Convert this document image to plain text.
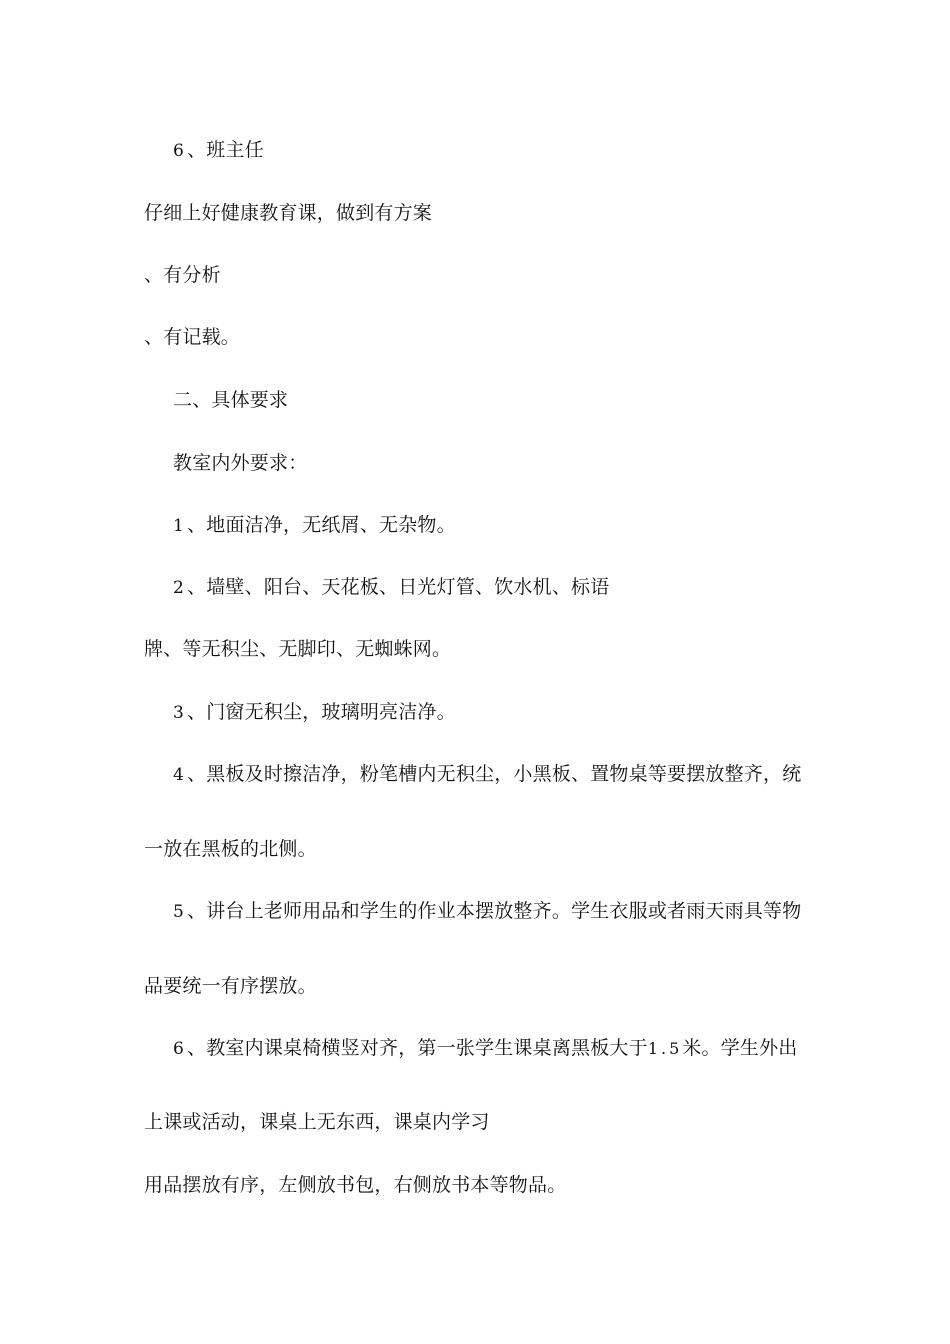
6 、班主任
仔细上好健康教育课，做到有方案
、有分析
、有记载。
二、具体要求
教室内外要求：
1 、地面洁净，无纸屑、无杂物。
2 、墙壁、阳台、天花板、日光灯管、饮水机、标语
牌、等无积尘、无脚印、无蜘蛛网。
3 、门窗无积尘，玻璃明亮洁净。
4 、黑板及时擦洁净，粉笔槽内无积尘，小黑板、置物桌等要摆放整齐，统
一放在黑板的北侧。
5 、讲台上老师用品和学生的作业本摆放整齐。学生衣服或者雨天雨具等物
品要统一有序摆放。
6 、教室内课桌椅横竖对齐，第一张学生课桌离黑板大于1.5米。学生外出
上课或活动，课桌上无东西，课桌内学习
用品摆放有序，左侧放书包，右侧放书本等物品。
